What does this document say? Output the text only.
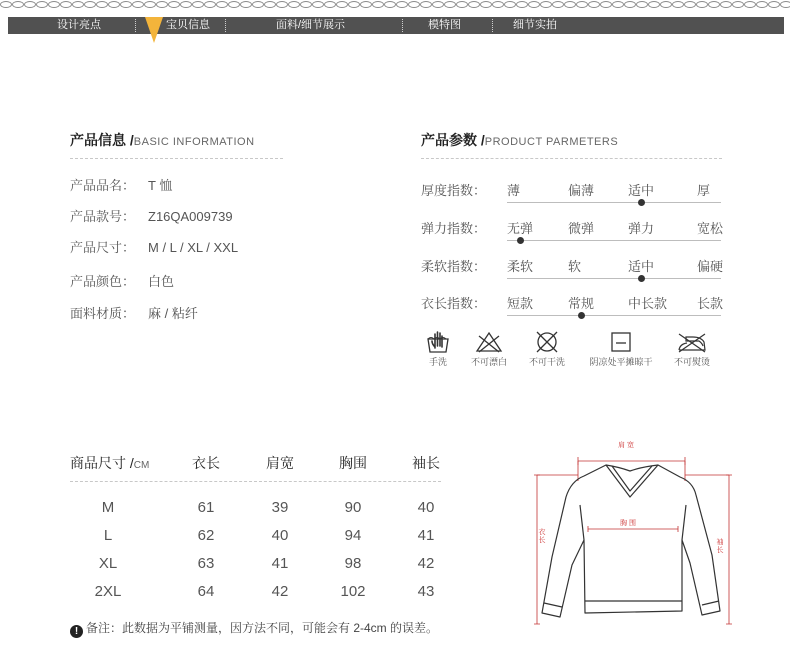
设计亮点	宝贝信息	面料/细节展示	模特图	细节实拍
产品信息 /BASIC INFORMATION
产品品名： T 恤
产品款号： Z16QA009739
产品尺寸： M / L / XL / XXL
产品颜色： 白色
面料材质： 麻 / 粘纤
产品参数 /PRODUCT PARMETERS
厚度指数： 薄	偏薄	适中	厚
弹力指数： 无弹	微弹	弹力	宽松
柔软指数： 柔软	软	适中	偏硬
衣长指数： 短款	常规	中长款 长款
手洗	不可漂白	不可干洗	阴凉处平摊晾干	不可熨烫
商品尺寸 /CM	衣长	肩宽	胸围	袖长
M	61	39	90	40
L	62	40	94	41
XL	63	41	98	42
2XL	64	42	102	43
! 备注：此数据为平铺测量，因方法不同，可能会有 2-4cm 的误差。
肩 宽
胸 围
衣长	袖长
